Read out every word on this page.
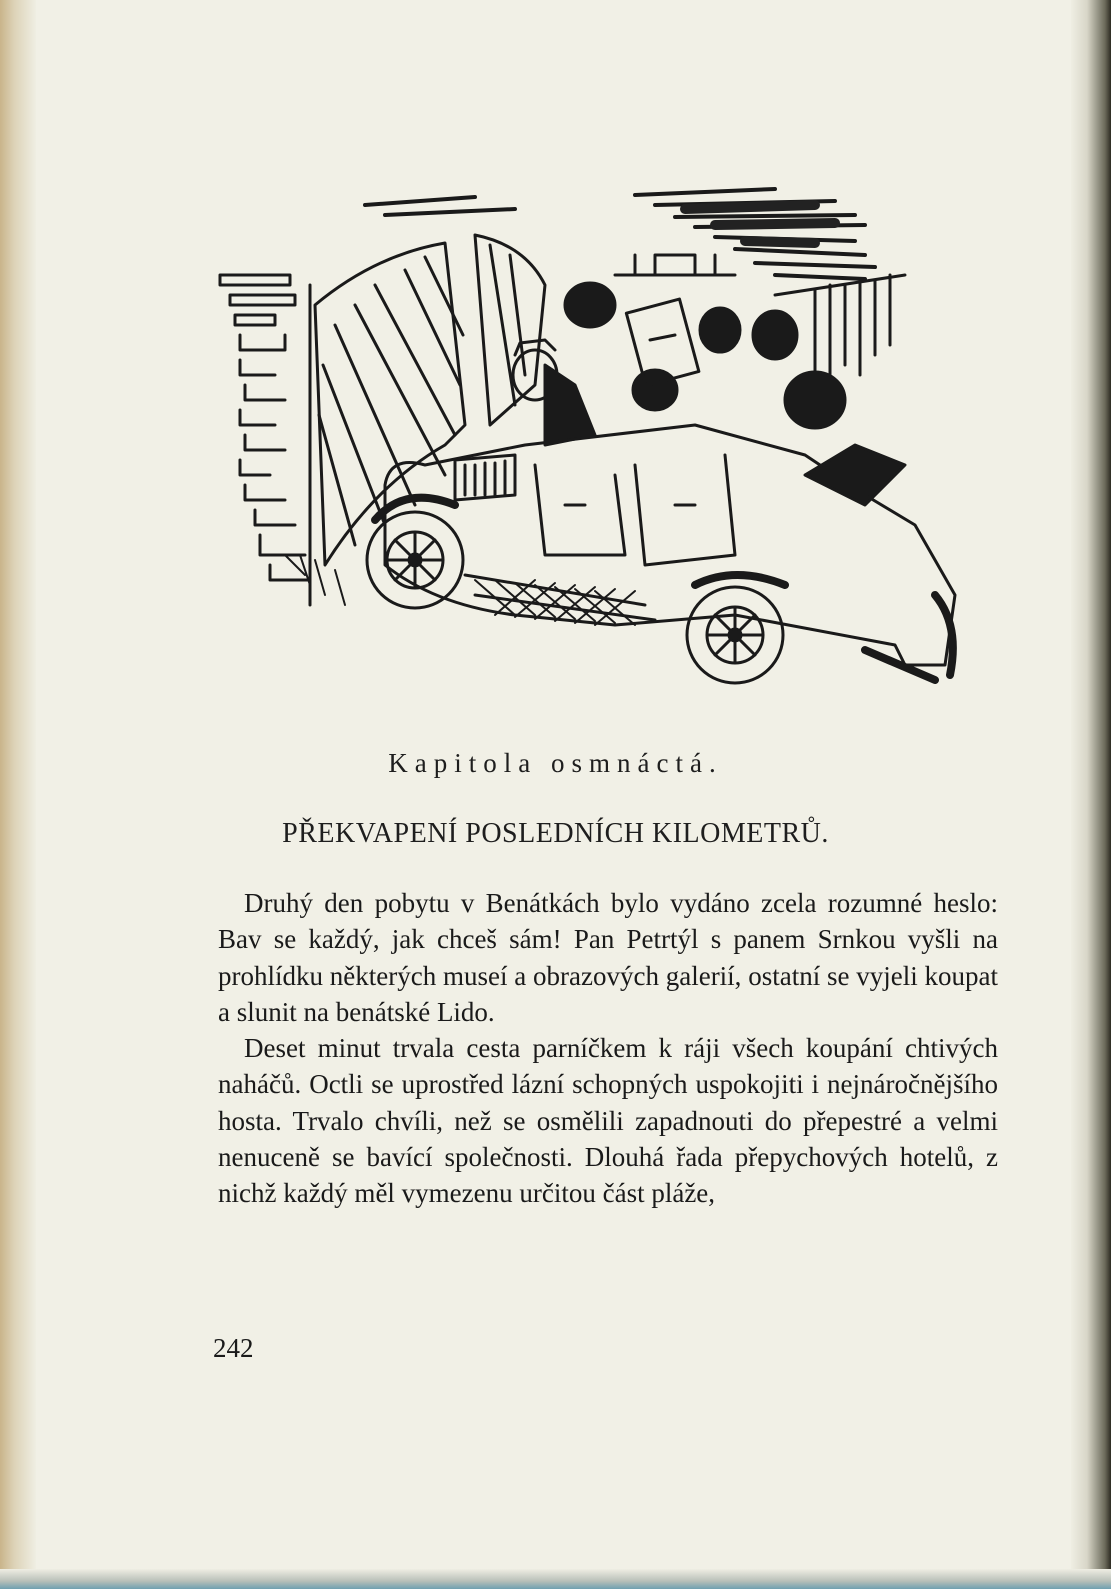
Kapitola osmnáctá.
PŘEKVAPENÍ POSLEDNÍCH KILOMETRŮ.

Druhý den pobytu v Benátkách bylo vydáno zcela rozumné heslo: Bav se každý, jak chceš sám! Pan Petrtýl s panem Srnkou vyšli na prohlídku některých museí a obrazových galerií, ostatní se vyjeli koupat a slunit na benátské Lido.

Deset minut trvala cesta parníčkem k ráji všech koupání chtivých naháčů. Octli se uprostřed lázní schopných uspokojiti i nejnáročnějšího hosta. Trvalo chvíli, než se osmělili zapadnouti do přepestré a velmi nenuceně se bavící společnosti. Dlouhá řada přepychových hotelů, z nichž každý měl vymezenu určitou část pláže,

242
